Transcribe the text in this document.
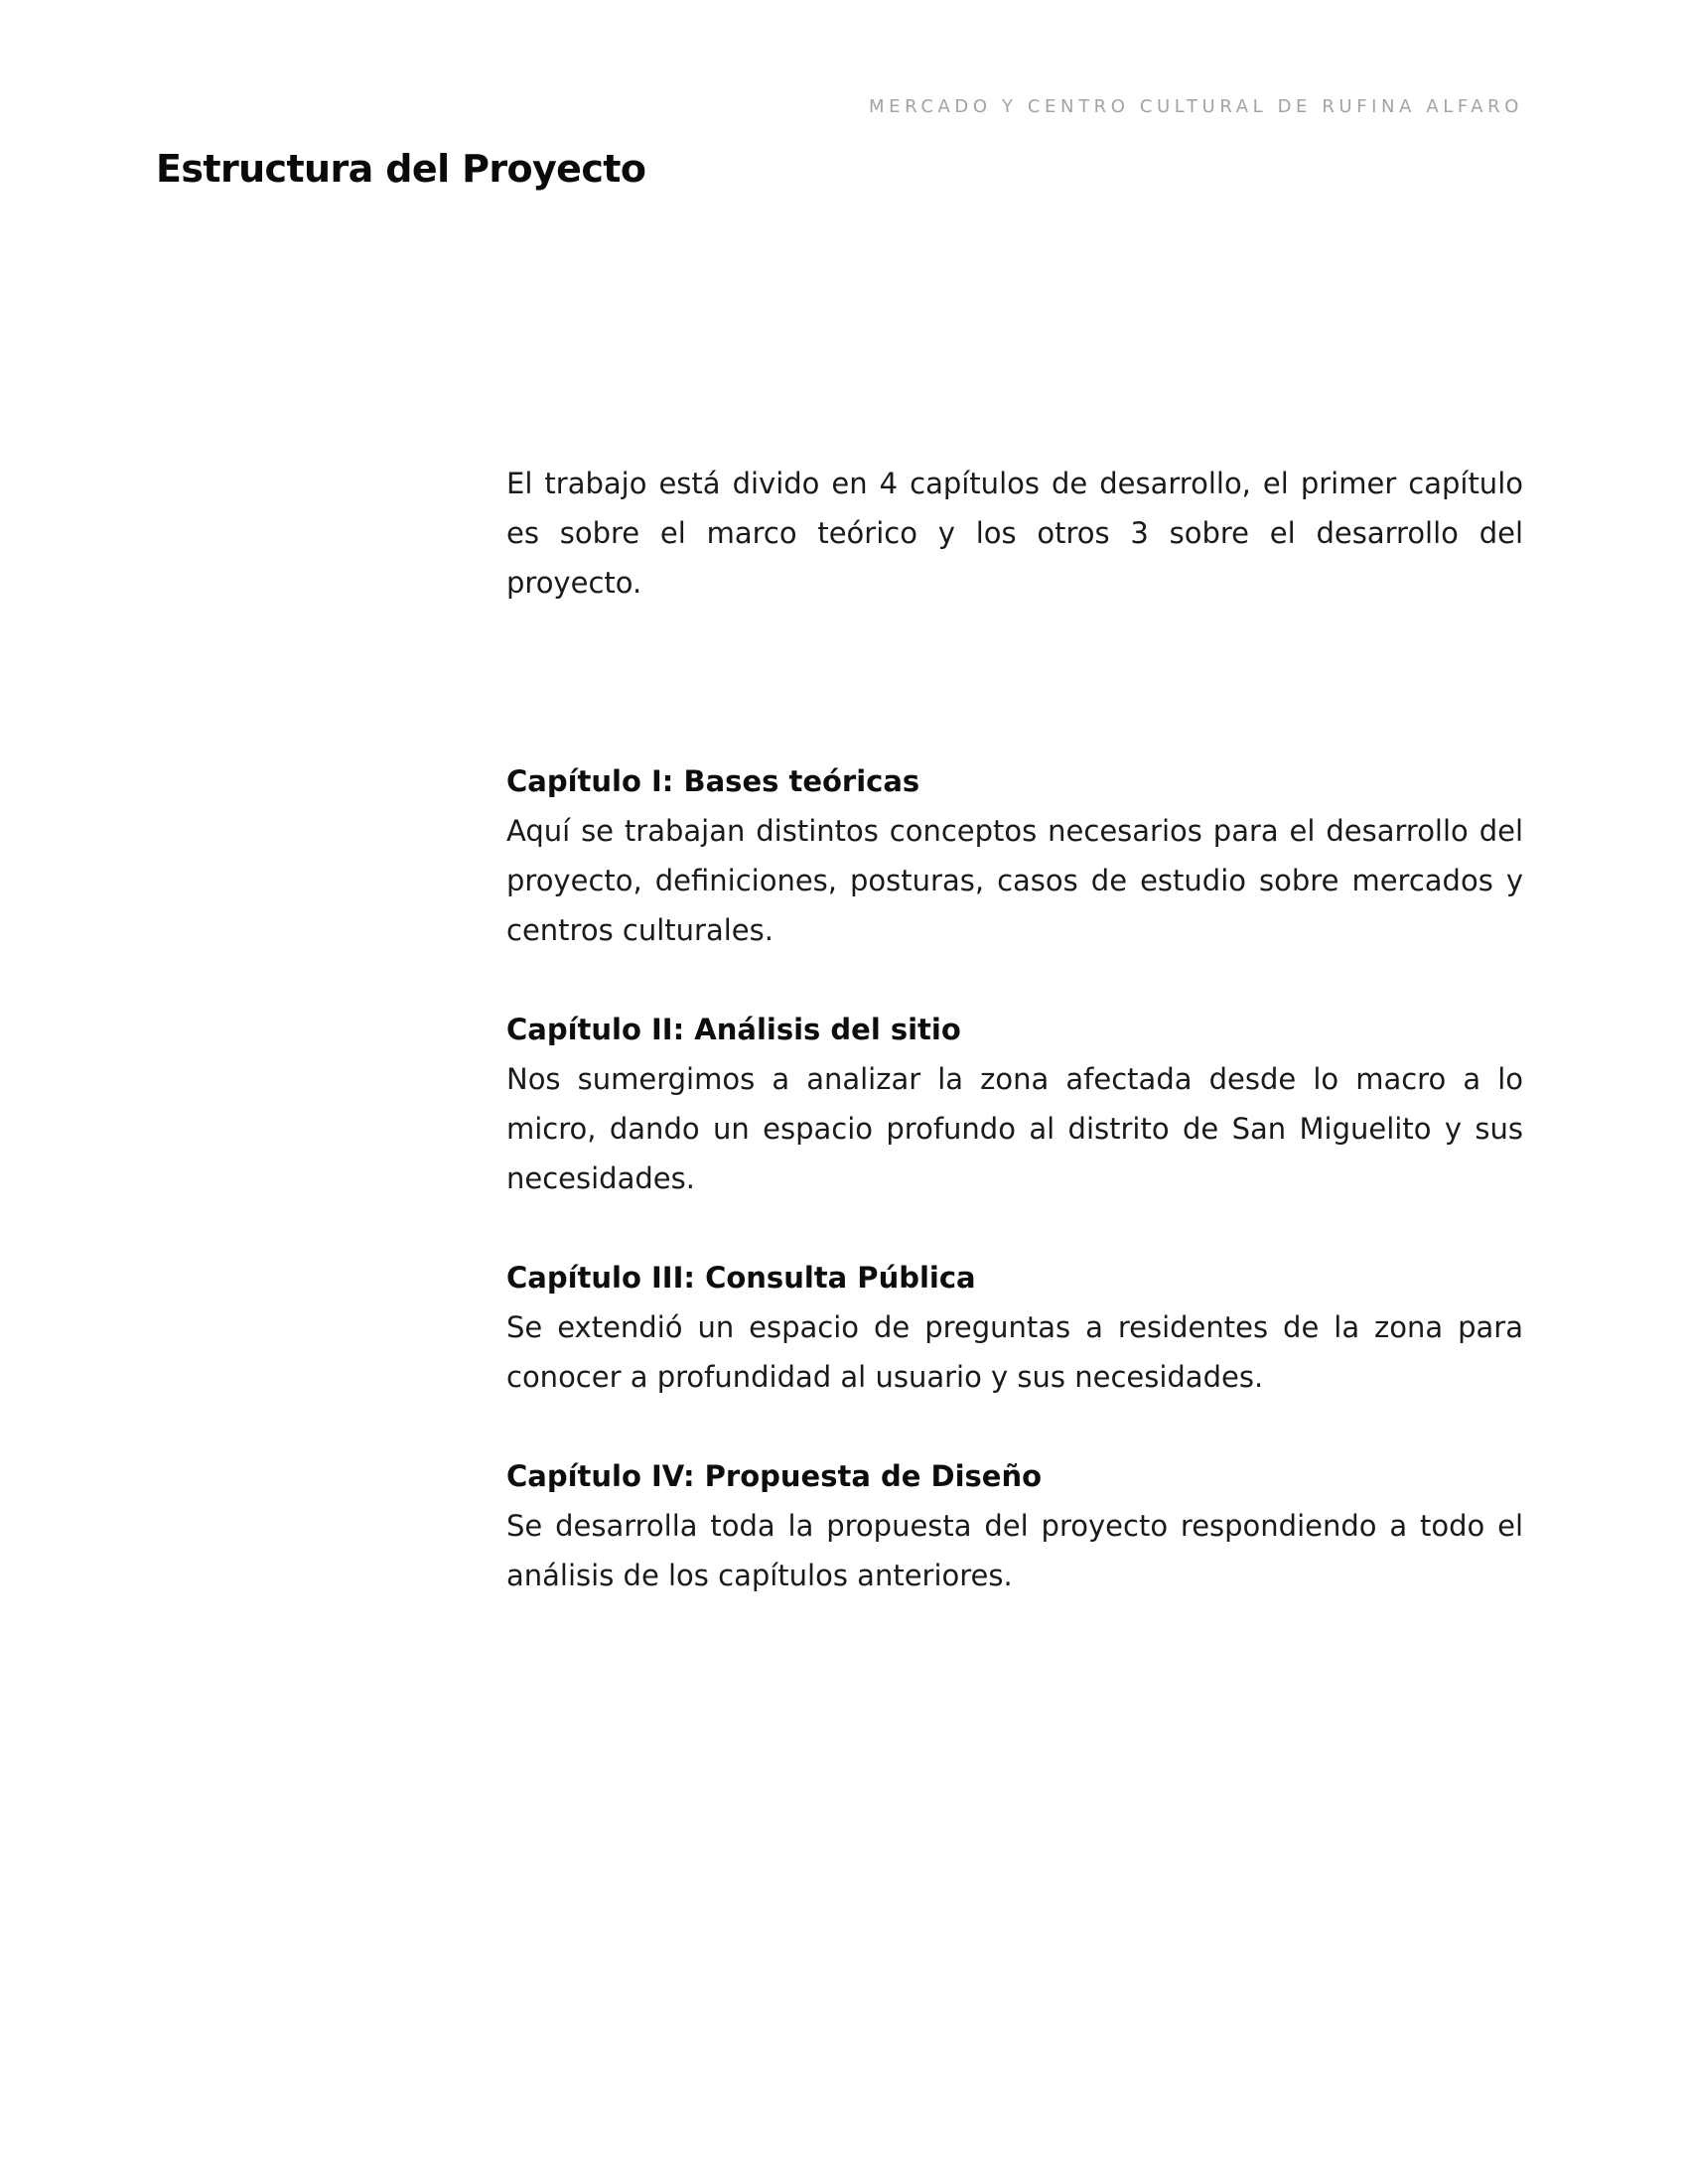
MERCADO Y CENTRO CULTURAL DE RUFINA ALFARO
Estructura del Proyecto

El trabajo está divido en 4 capítulos de desarrollo, el primer capítulo es sobre el marco teórico y los otros 3 sobre el desarrollo del proyecto.

Capítulo I: Bases teóricas

Aquí se trabajan distintos conceptos necesarios para el desarrollo del proyecto, definiciones, posturas, casos de estudio sobre mercados y centros culturales.

Capítulo II: Análisis del sitio

Nos sumergimos a analizar la zona afectada desde lo macro a lo micro, dando un espacio profundo al distrito de San Miguelito y sus necesidades.

Capítulo III: Consulta Pública

Se extendió un espacio de preguntas a residentes de la zona para conocer a profundidad al usuario y sus necesidades.

Capítulo IV: Propuesta de Diseño

Se desarrolla toda la propuesta del proyecto respondiendo a todo el análisis de los capítulos anteriores.
